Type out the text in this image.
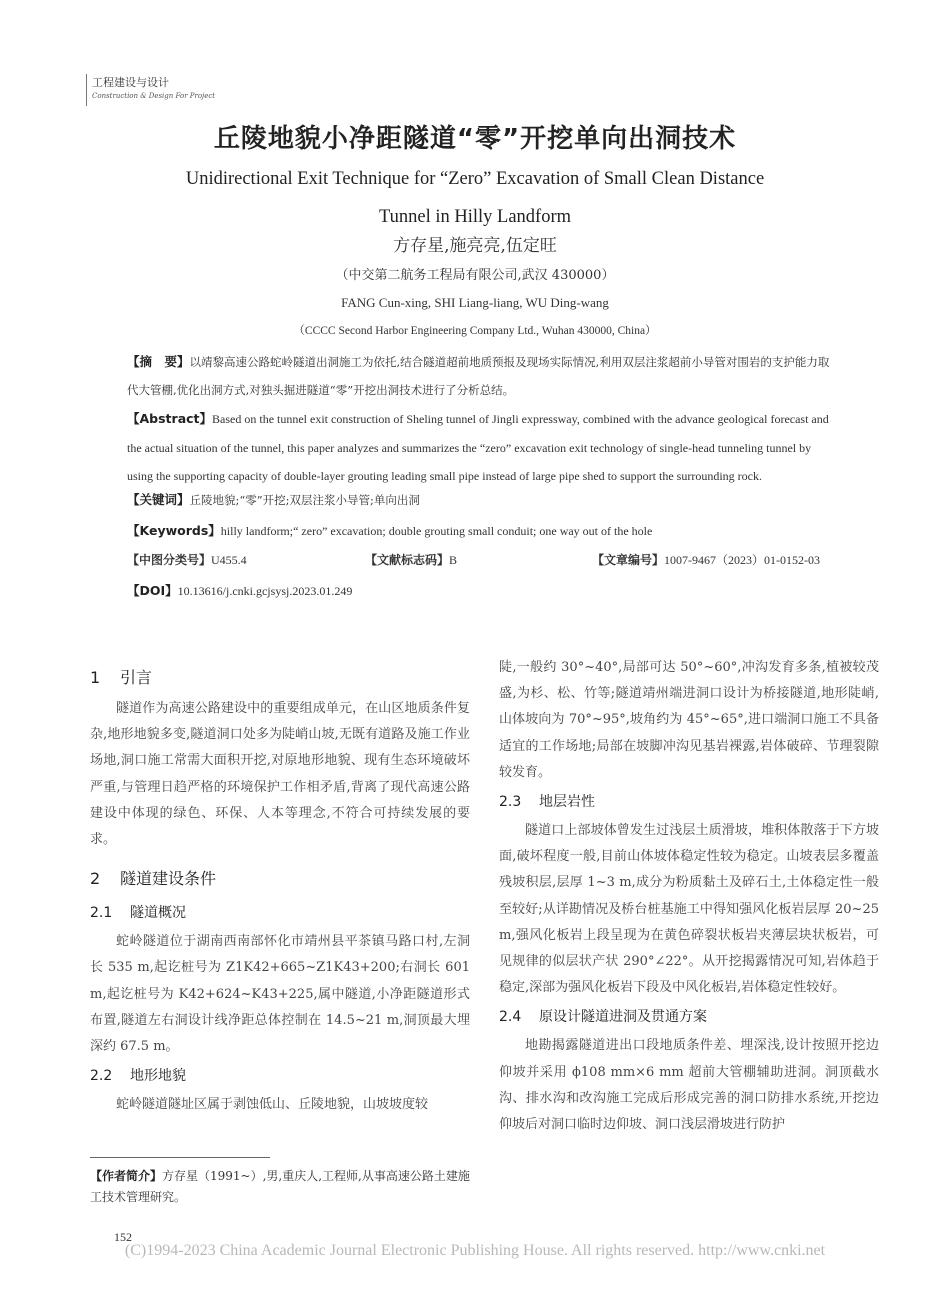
工程建设与设计
Construction & Design For Project
丘陵地貌小净距隧道“零”开挖单向出洞技术
Unidirectional Exit Technique for “Zero” Excavation of Small Clean Distance Tunnel in Hilly Landform
方存星,施亮亮,伍定旺
（中交第二航务工程局有限公司,武汉 430000）
FANG Cun-xing, SHI Liang-liang, WU Ding-wang
（CCCC Second Harbor Engineering Company Ltd., Wuhan 430000, China）
【摘　要】以靖黎高速公路蛇岭隧道出洞施工为依托,结合隧道超前地质预报及现场实际情况,利用双层注浆超前小导管对围岩的支护能力取代大管棚,优化出洞方式,对独头掘进隧道“零”开挖出洞技术进行了分析总结。
【Abstract】Based on the tunnel exit construction of Sheling tunnel of Jingli expressway, combined with the advance geological forecast and the actual situation of the tunnel, this paper analyzes and summarizes the “zero” excavation exit technology of single-head tunneling tunnel by using the supporting capacity of double-layer grouting leading small pipe instead of large pipe shed to support the surrounding rock.
【关键词】丘陵地貌;“零”开挖;双层注浆小导管;单向出洞
【Keywords】hilly landform;“ zero” excavation; double grouting small conduit; one way out of the hole
【中图分类号】U455.4	【文献标志码】B	【文章编号】1007-9467（2023）01-0152-03
【DOI】10.13616/j.cnki.gcjsysj.2023.01.249
1 引言

隧道作为高速公路建设中的重要组成单元，在山区地质条件复杂,地形地貌多变,隧道洞口处多为陡峭山坡,无既有道路及施工作业场地,洞口施工常需大面积开挖,对原地形地貌、现有生态环境破坏严重,与管理日趋严格的环境保护工作相矛盾,背离了现代高速公路建设中体现的绿色、环保、人本等理念,不符合可持续发展的要求。

2 隧道建设条件
2.1 隧道概况

蛇岭隧道位于湖南西南部怀化市靖州县平茶镇马路口村,左洞长 535 m,起讫桩号为 Z1K42+665~Z1K43+200;右洞长 601 m,起讫桩号为 K42+624~K43+225,属中隧道,小净距隧道形式布置,隧道左右洞设计线净距总体控制在 14.5~21 m,洞顶最大埋深约 67.5 m。

2.2 地形地貌

蛇岭隧道隧址区属于剥蚀低山、丘陵地貌，山坡坡度较

陡,一般约 30°~40°,局部可达 50°~60°,冲沟发育多条,植被较茂盛,为杉、松、竹等;隧道靖州端进洞口设计为桥接隧道,地形陡峭,山体坡向为 70°~95°,坡角约为 45°~65°,进口端洞口施工不具备适宜的工作场地;局部在坡脚冲沟见基岩裸露,岩体破碎、节理裂隙较发育。

2.3 地层岩性

隧道口上部坡体曾发生过浅层土质滑坡，堆积体散落于下方坡面,破坏程度一般,目前山体坡体稳定性较为稳定。山坡表层多覆盖残坡积层,层厚 1~3 m,成分为粉质黏土及碎石土,土体稳定性一般至较好;从详勘情况及桥台桩基施工中得知强风化板岩层厚 20~25 m,强风化板岩上段呈现为在黄色碎裂状板岩夹薄层块状板岩，可见规律的似层状产状 290°∠22°。从开挖揭露情况可知,岩体趋于稳定,深部为强风化板岩下段及中风化板岩,岩体稳定性较好。

2.4 原设计隧道进洞及贯通方案

地勘揭露隧道进出口段地质条件差、埋深浅,设计按照开挖边仰坡并采用 ϕ108 mm×6 mm 超前大管棚辅助进洞。洞顶截水沟、排水沟和改沟施工完成后形成完善的洞口防排水系统,开挖边仰坡后对洞口临时边仰坡、洞口浅层滑坡进行防护

【作者简介】方存星（1991~）,男,重庆人,工程师,从事高速公路土建施工技术管理研究。
152
(C)1994-2023 China Academic Journal Electronic Publishing House. All rights reserved. http://www.cnki.net
